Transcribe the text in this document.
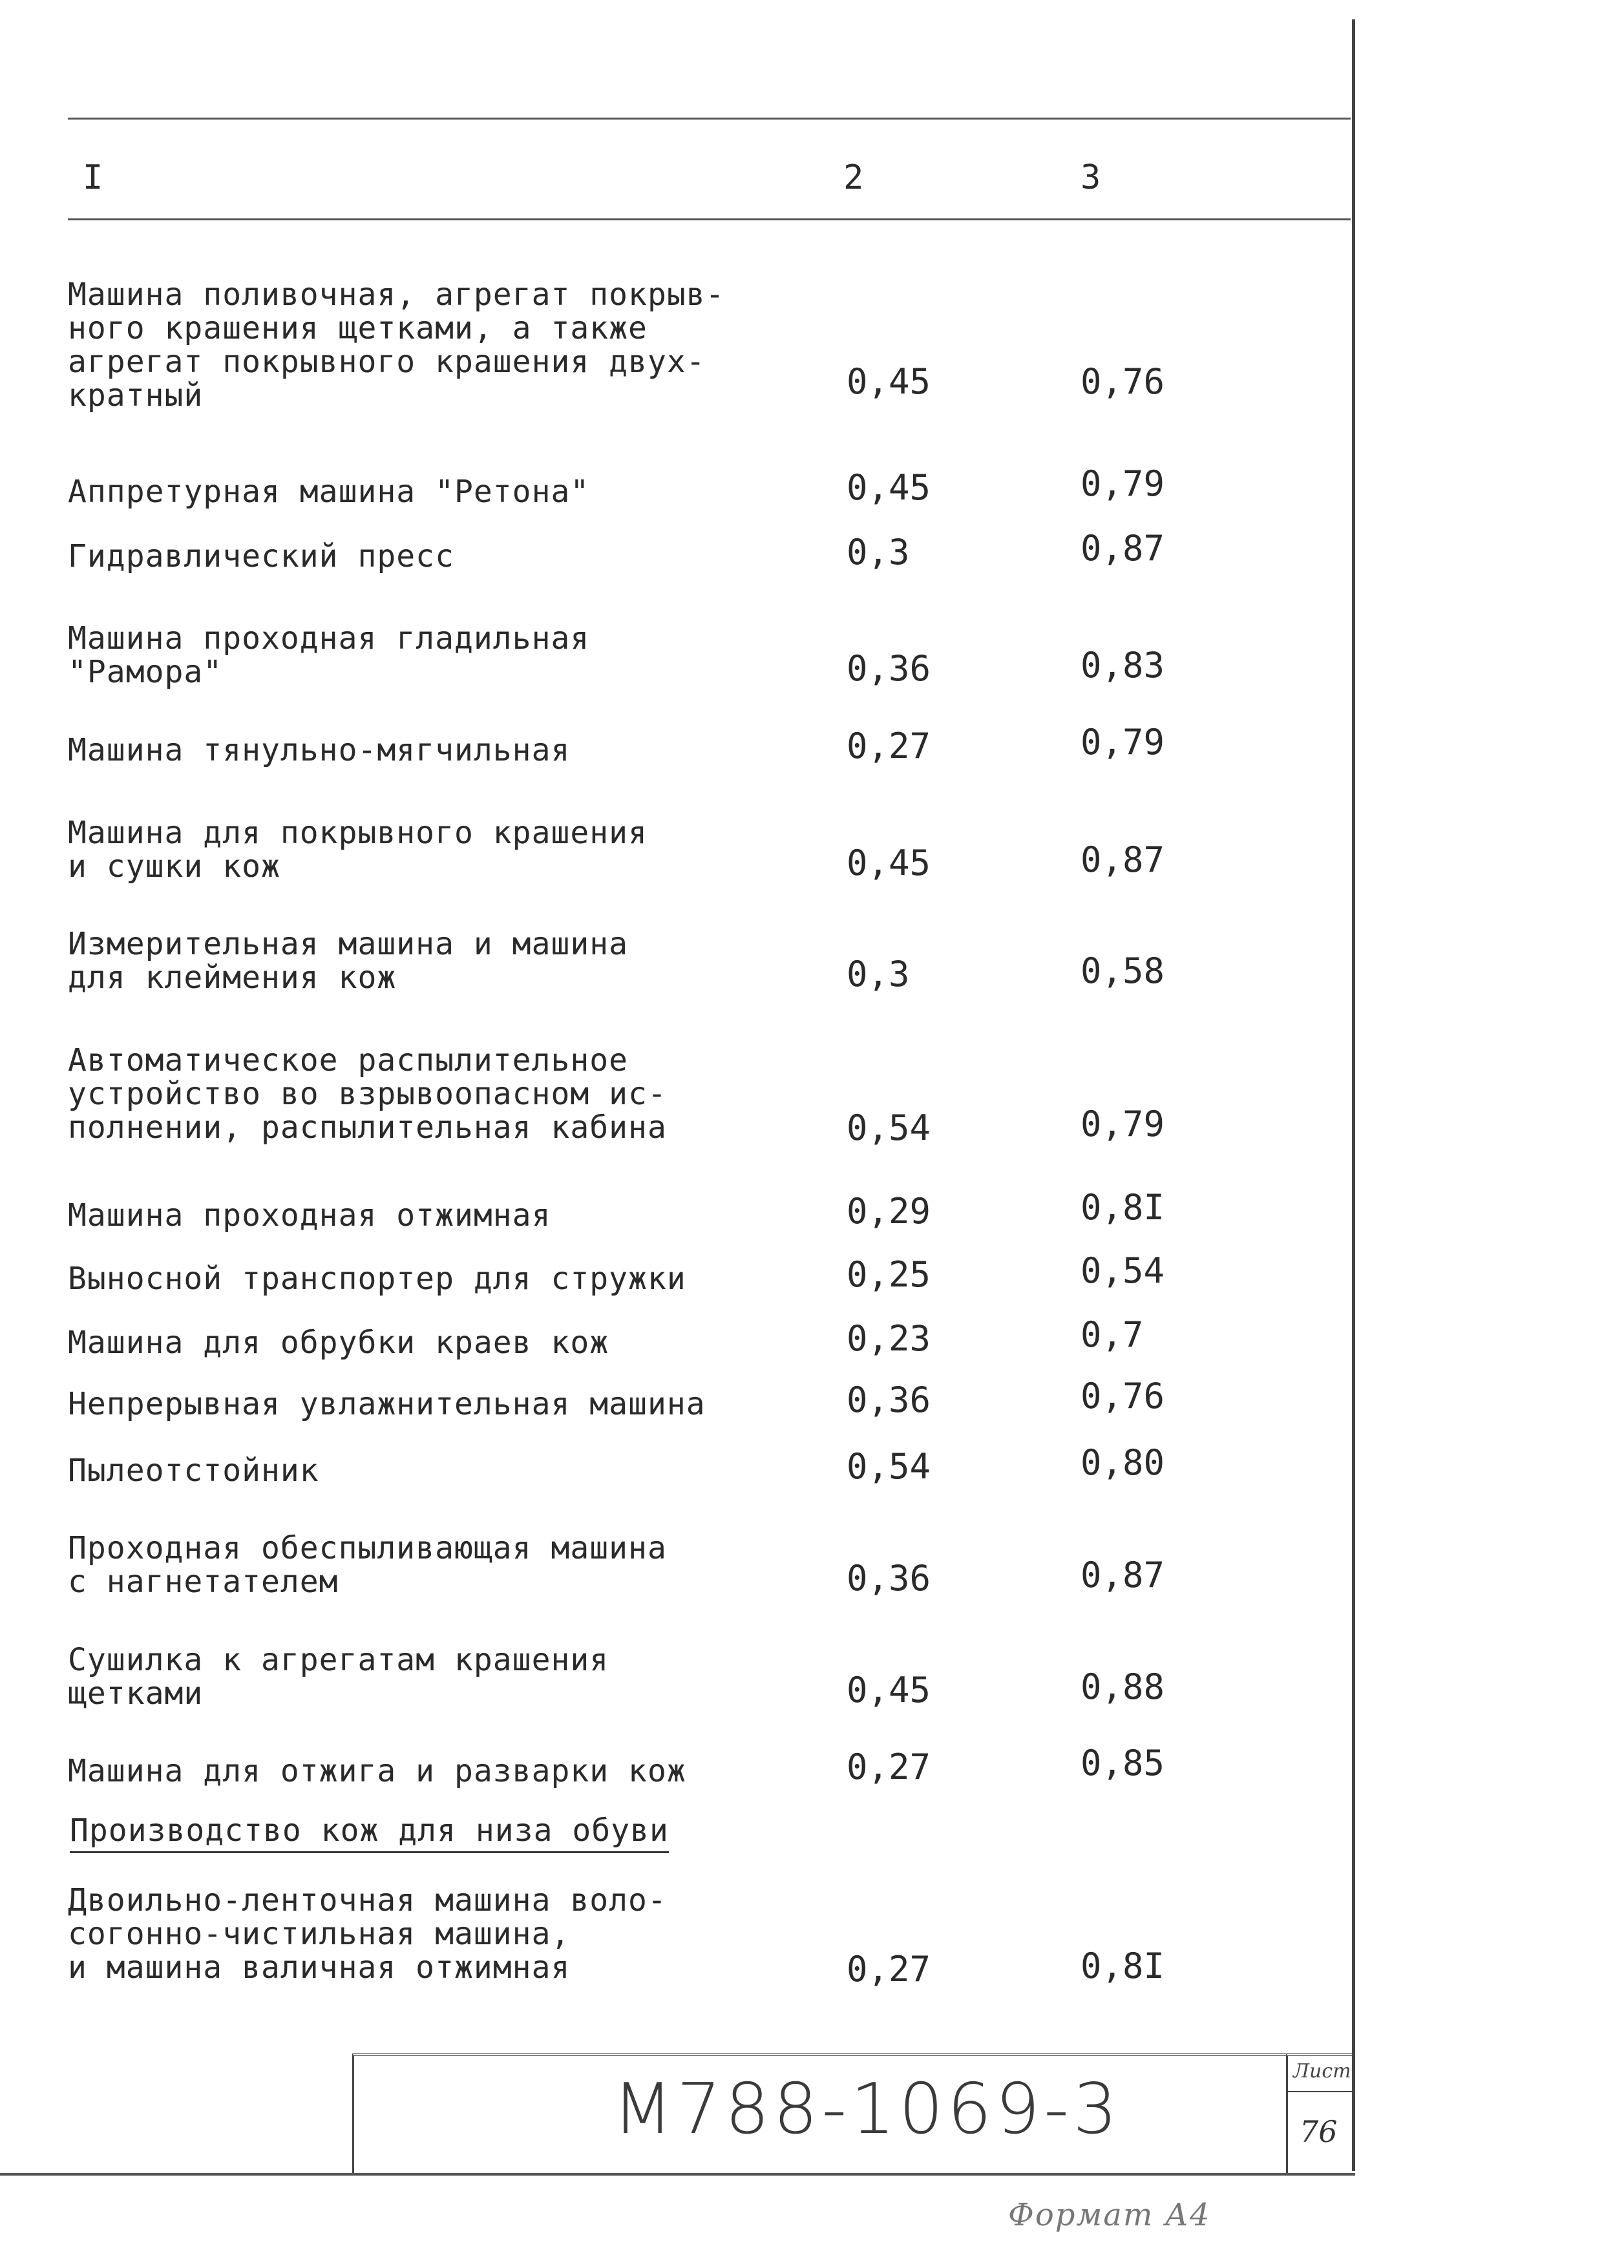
I	2	3
Машина поливочная, агрегат покрыв-
ного крашения щетками, а также
агрегат покрывного крашения двух-
кратный	0,45	0,76
Аппретурная машина "Ретона"	0,45	0,79
Гидравлический пресс	0,3	0,87
Машина проходная гладильная
"Рамора"	0,36	0,83
Машина тянульно-мягчильная	0,27	0,79
Машина для покрывного крашения
и сушки кож	0,45	0,87
Измерительная машина и машина
для клеймения кож	0,3	0,58
Автоматическое распылительное
устройство во взрывоопасном ис-
полнении, распылительная кабина	0,54	0,79
Машина проходная отжимная	0,29	0,8I
Выносной транспортер для стружки	0,25	0,54
Машина для обрубки краев кож	0,23	0,7
Непрерывная увлажнительная машина	0,36	0,76
Пылеотстойник	0,54	0,80
Проходная обеспыливающая машина
с нагнетателем	0,36	0,87
Сушилка к агрегатам крашения
щетками	0,45	0,88
Машина для отжига и разварки кож	0,27	0,85
Производство кож для низа обуви
Двоильно-ленточная машина воло-
согонно-чистильная машина,
и машина валичная отжимная	0,27	0,8I
М788-1069-3	Лист
76
Формат А4
